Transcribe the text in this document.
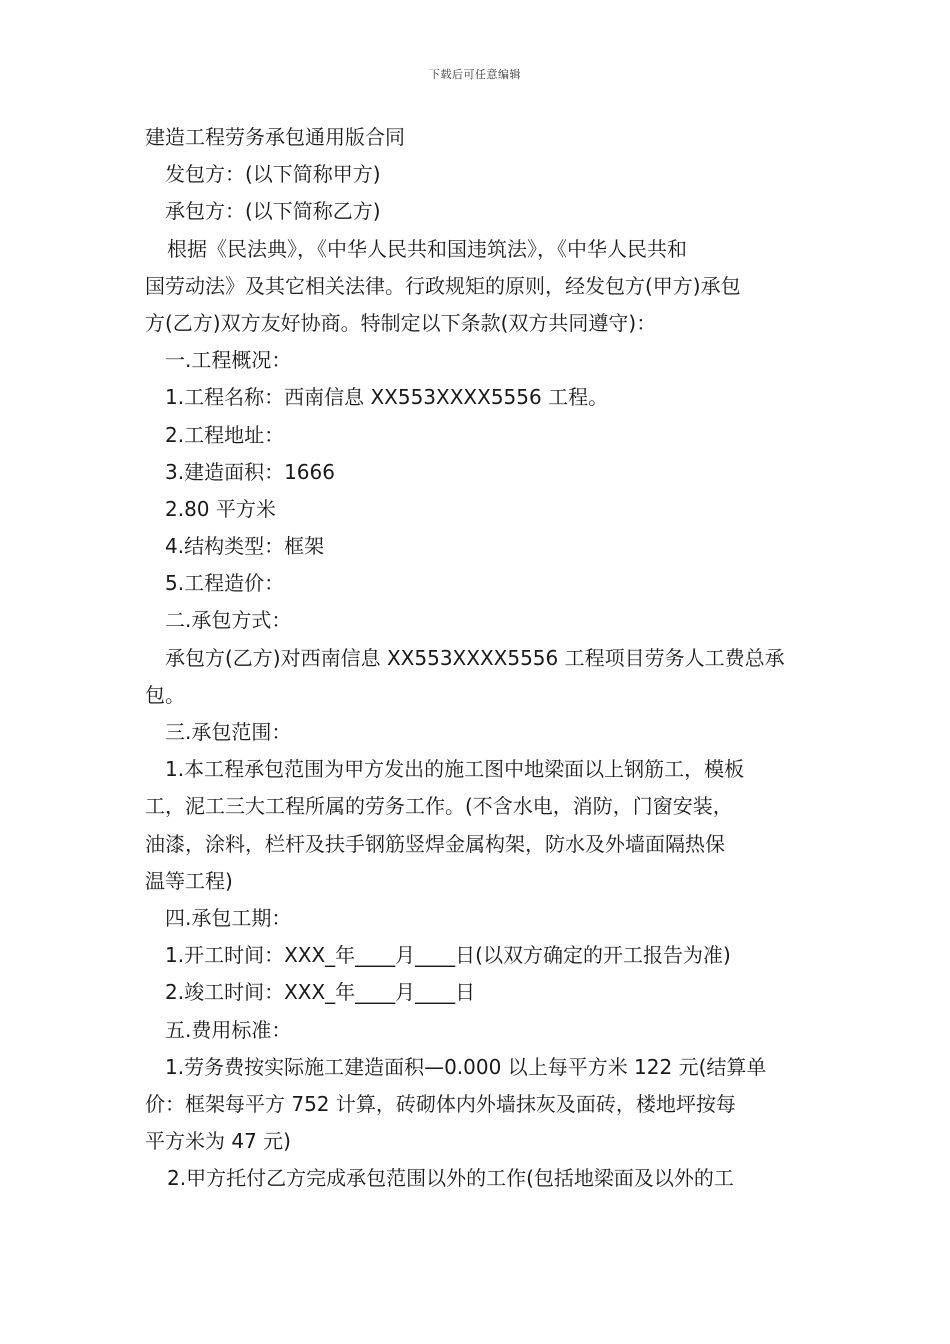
下载后可任意编辑
建造工程劳务承包通用版合同
发包方：(以下简称甲方)
承包方：(以下简称乙方)
根据《民法典》，《中华人民共和国违筑法》，《中华人民共和
国劳动法》及其它相关法律。行政规矩的原则，经发包方(甲方)承包
方(乙方)双方友好协商。特制定以下条款(双方共同遵守)：
一.工程概况：
1.工程名称：西南信息 XX553XXXX5556 工程。
2.工程地址：
3.建造面积：1666
2.80 平方米
4.结构类型：框架
5.工程造价：
二.承包方式：
承包方(乙方)对西南信息 XX553XXXX5556 工程项目劳务人工费总承
包。
三.承包范围：
1.本工程承包范围为甲方发出的施工图中地梁面以上钢筋工，模板
工，泥工三大工程所属的劳务工作。(不含水电，消防，门窗安装，
油漆，涂料，栏杆及扶手钢筋竖焊金属构架，防水及外墙面隔热保
温等工程)
四.承包工期：
1.开工时间：XXX_年____月____日(以双方确定的开工报告为准)
2.竣工时间：XXX_年____月____日
五.费用标准：
1.劳务费按实际施工建造面积—0.000 以上每平方米 122 元(结算单
价：框架每平方 752 计算，砖砌体内外墙抹灰及面砖，楼地坪按每
平方米为 47 元)
2.甲方托付乙方完成承包范围以外的工作(包括地梁面及以外的工
